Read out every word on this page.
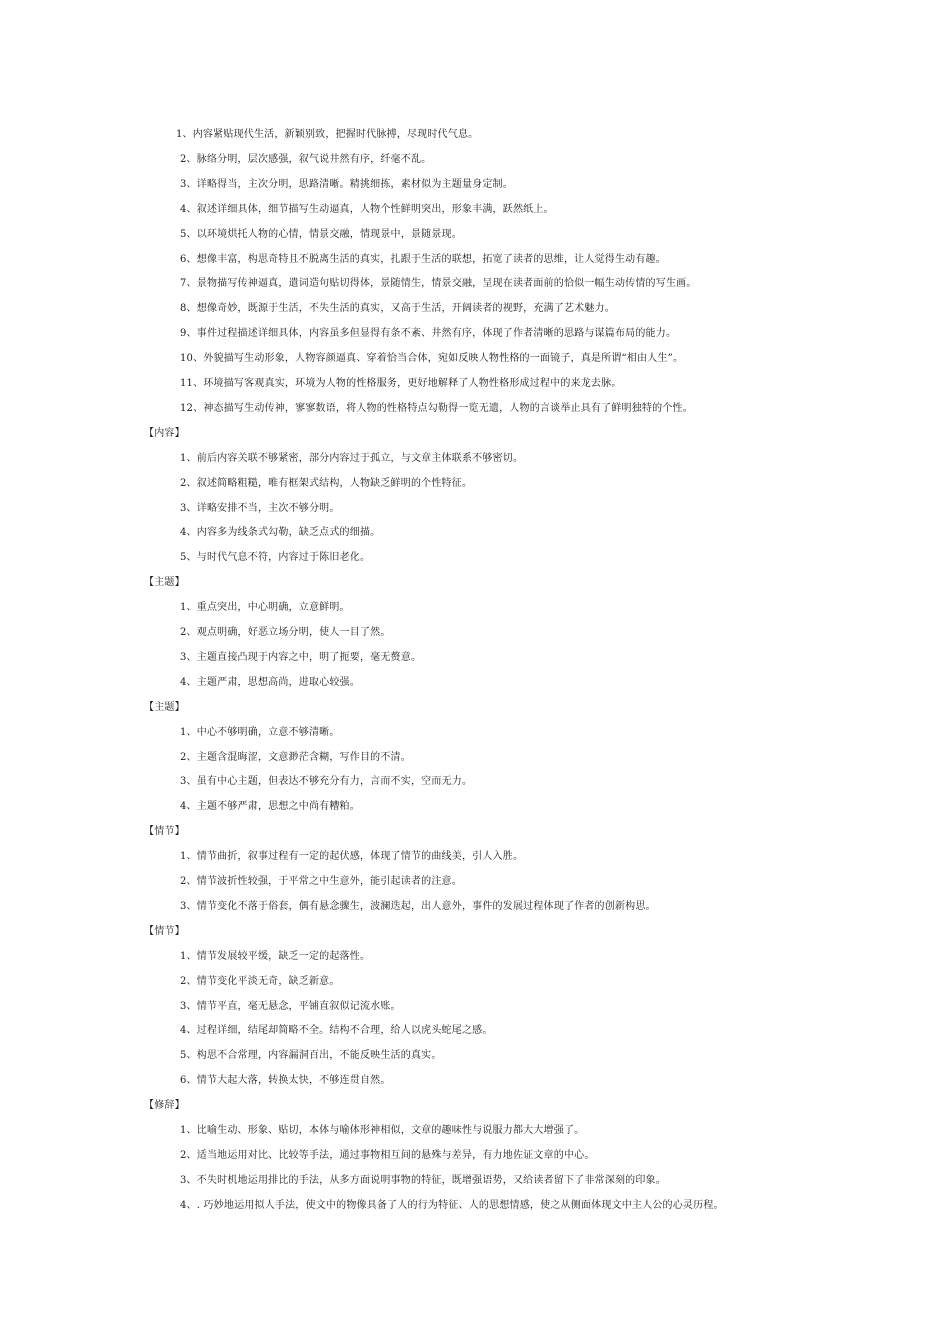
1、内容紧贴现代生活，新颖别致，把握时代脉搏，尽现时代气息。
2、脉络分明，层次感强，叙气说井然有序，纤毫不乱。
3、详略得当，主次分明，思路清晰。精挑细拣，素材似为主题量身定制。
4、叙述详细具体，细节描写生动逼真，人物个性鲜明突出，形象丰满，跃然纸上。
5、以环境烘托人物的心情，情景交融，情现景中，景随景现。
6、想像丰富，构思奇特且不脱离生活的真实，扎跟于生活的联想，拓宽了读者的思维，让人觉得生动有趣。
7、景物描写传神逼真，遣词造句贴切得体，景随情生，情景交融，呈现在读者面前的恰似一幅生动传情的写生画。
8、想像奇妙，既源于生活，不失生活的真实，又高于生活，开阔读者的视野，充满了艺术魅力。
9、事件过程描述详细具体，内容虽多但显得有条不紊、井然有序，体现了作者清晰的思路与谋篇布局的能力。
10、外貌描写生动形象，人物容颜逼真、穿着恰当合体，宛如反映人物性格的一面镜子，真是所谓“相由人生”。
11、环境描写客观真实，环境为人物的性格服务，更好地解释了人物性格形成过程中的来龙去脉。
12、神态描写生动传神，寥寥数语，将人物的性格特点勾勒得一览无遗，人物的言谈举止具有了鲜明独特的个性。
【内容】
1、前后内容关联不够紧密，部分内容过于孤立，与文章主体联系不够密切。
2、叙述简略粗糙，唯有框架式结构，人物缺乏鲜明的个性特征。
3、详略安排不当，主次不够分明。
4、内容多为线条式勾勒，缺乏点式的细描。
5、与时代气息不符，内容过于陈旧老化。
【主题】
1、重点突出，中心明确，立意鲜明。
2、观点明确，好恶立场分明，使人一目了然。
3、主题直接凸现于内容之中，明了扼要，毫无赘意。
4、主题严肃，思想高尚，进取心较强。
【主题】
1、中心不够明确，立意不够清晰。
2、主题含混晦涩，文意渺茫含糊，写作目的不清。
3、虽有中心主题，但表达不够充分有力，言而不实，空而无力。
4、主题不够严肃，思想之中尚有糟粕。
【情节】
1、情节曲折，叙事过程有一定的起伏感，体现了情节的曲线美，引人入胜。
2、情节波折性较强，于平常之中生意外，能引起读者的注意。
3、情节变化不落于俗套，偶有悬念骤生，波澜迭起，出人意外，事件的发展过程体现了作者的创新构思。
【情节】
1、情节发展较平缓，缺乏一定的起落性。
2、情节变化平淡无奇，缺乏新意。
3、情节平直，毫无悬念，平铺直叙似记流水账。
4、过程详细，结尾却简略不全。结构不合理，给人以虎头蛇尾之感。
5、构思不合常理，内容漏洞百出，不能反映生活的真实。
6、情节大起大落，转换太快，不够连贯自然。
【修辞】
1、比喻生动、形象、贴切，本体与喻体形神相似，文章的趣味性与说服力都大大增强了。
2、适当地运用对比、比较等手法，通过事物相互间的悬殊与差异，有力地佐证文章的中心。
3、不失时机地运用排比的手法，从多方面说明事物的特征，既增强语势，又给读者留下了非常深刻的印象。
4、. 巧妙地运用拟人手法，使文中的物像具备了人的行为特征、人的思想情感，使之从侧面体现文中主人公的心灵历程。
